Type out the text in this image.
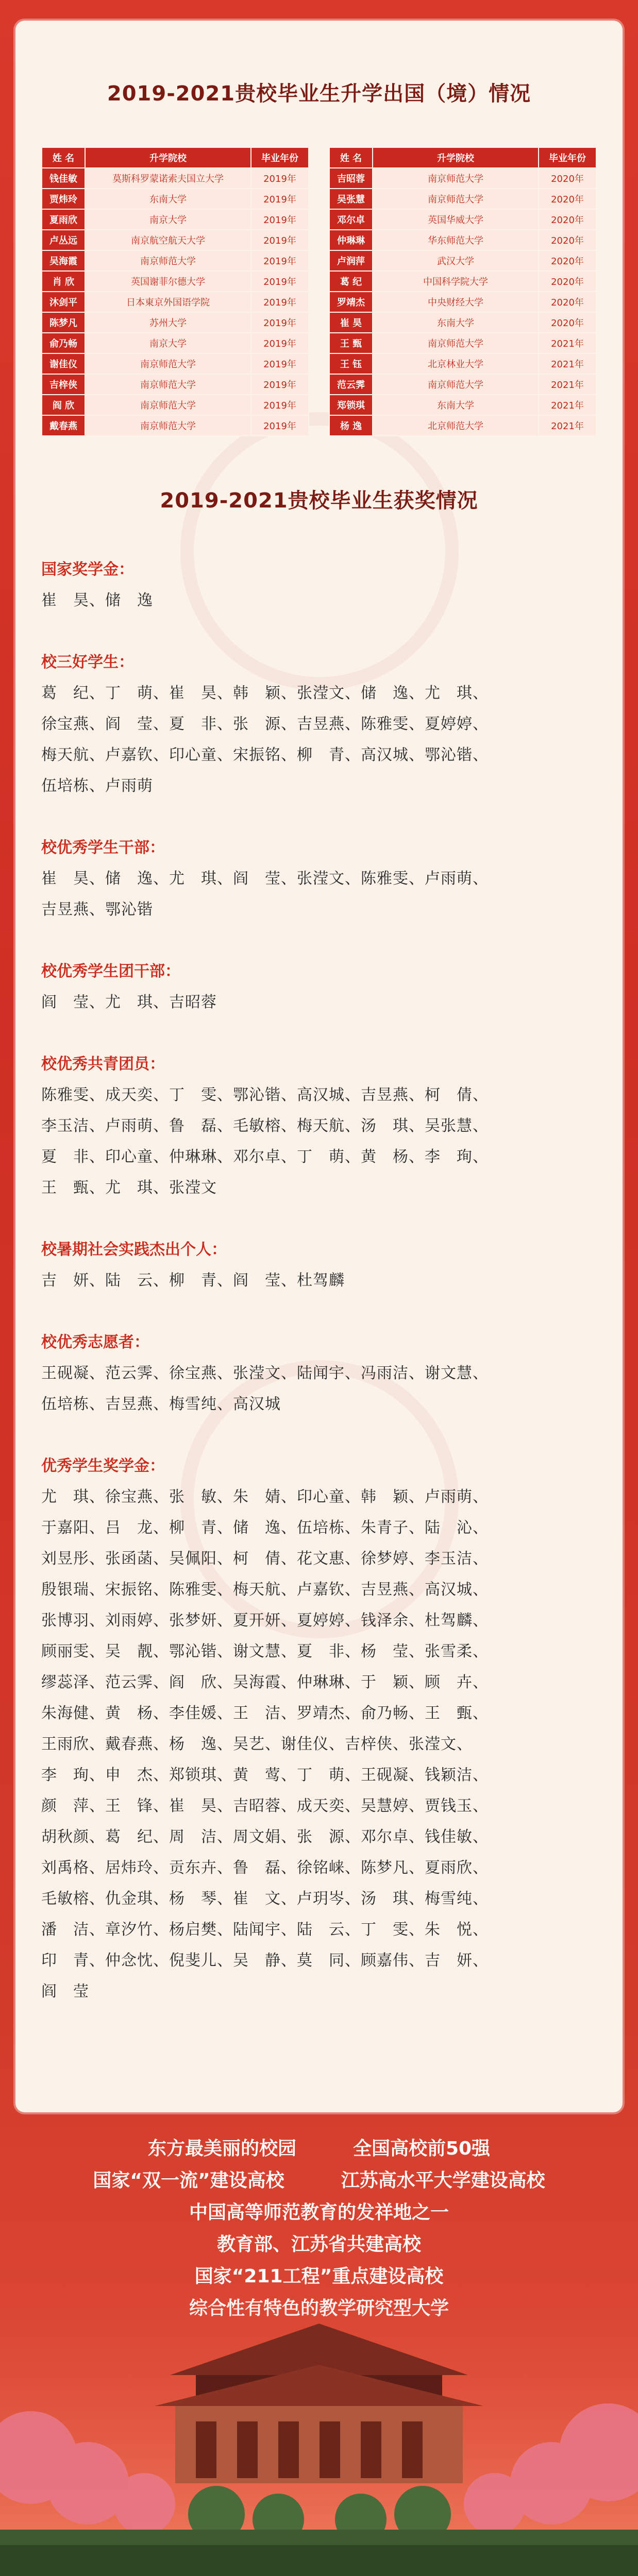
2019-2021贵校毕业生升学出国（境）情况
姓 名	升学院校	毕业年份
钱佳敏	莫斯科罗蒙诺索夫国立大学	2019年
贾炜玲	东南大学	2019年
夏雨欣	南京大学	2019年
卢丛远	南京航空航天大学	2019年
吴海霞	南京师范大学	2019年
肖 欣	英国谢菲尔德大学	2019年
沐剑平	日本東京外国语学院	2019年
陈梦凡	苏州大学	2019年
俞乃畅	南京大学	2019年
谢佳仪	南京师范大学	2019年
吉梓侠	南京师范大学	2019年
阎 欣	南京师范大学	2019年
戴春燕	南京师范大学	2019年
姓 名	升学院校	毕业年份
吉昭蓉	南京师范大学	2020年
吴张慧	南京师范大学	2020年
邓尔卓	英国华威大学	2020年
仲琳琳	华东师范大学	2020年
卢润萍	武汉大学	2020年
葛 纪	中国科学院大学	2020年
罗靖杰	中央财经大学	2020年
崔 昊	东南大学	2020年
王 甄	南京师范大学	2021年
王 钰	北京林业大学	2021年
范云霁	南京师范大学	2021年
郑锁琪	东南大学	2021年
杨 逸	北京师范大学	2021年
2019-2021贵校毕业生获奖情况
国家奖学金：
崔　昊、储　逸
校三好学生：
葛　纪、丁　萌、崔　昊、韩　颖、张滢文、储　逸、尤　琪、
徐宝燕、阎　莹、夏　非、张　源、吉昱燕、陈雅雯、夏婷婷、
梅天航、卢嘉钦、印心童、宋振铭、柳　青、高汉城、鄂沁锴、
伍培栋、卢雨萌
校优秀学生干部：
崔　昊、储　逸、尤　琪、阎　莹、张滢文、陈雅雯、卢雨萌、
吉昱燕、鄂沁锴
校优秀学生团干部：
阎　莹、尤　琪、吉昭蓉
校优秀共青团员：
陈雅雯、成天奕、丁　雯、鄂沁锴、高汉城、吉昱燕、柯　倩、
李玉洁、卢雨萌、鲁　磊、毛敏榕、梅天航、汤　琪、吴张慧、
夏　非、印心童、仲琳琳、邓尔卓、丁　萌、黄　杨、李　珣、
王　甄、尤　琪、张滢文
校暑期社会实践杰出个人：
吉　妍、陆　云、柳　青、阎　莹、杜驾麟
校优秀志愿者：
王砚凝、范云霁、徐宝燕、张滢文、陆闻宇、冯雨洁、谢文慧、
伍培栋、吉昱燕、梅雪纯、高汉城
优秀学生奖学金：
尤　琪、徐宝燕、张　敏、朱　婧、印心童、韩　颖、卢雨萌、
于嘉阳、吕　龙、柳　青、储　逸、伍培栋、朱青子、陆　沁、
刘昱彤、张函菡、吴佩阳、柯　倩、花文惠、徐梦婷、李玉洁、
殷银瑞、宋振铭、陈雅雯、梅天航、卢嘉钦、吉昱燕、高汉城、
张博羽、刘雨婷、张梦妍、夏开妍、夏婷婷、钱泽余、杜驾麟、
顾丽雯、吴　靓、鄂沁锴、谢文慧、夏　非、杨　莹、张雪柔、
缪蕊泽、范云霁、阎　欣、吴海霞、仲琳琳、于　颖、顾　卉、
朱海健、黄　杨、李佳媛、王　洁、罗靖杰、俞乃畅、王　甄、
王雨欣、戴春燕、杨　逸、吴艺、谢佳仪、吉梓侠、张滢文、
李　珣、申　杰、郑锁琪、黄　莺、丁　萌、王砚凝、钱颖洁、
颜　萍、王　锋、崔　昊、吉昭蓉、成天奕、吴慧婷、贾钱玉、
胡秋颜、葛　纪、周　洁、周文娟、张　源、邓尔卓、钱佳敏、
刘禹格、居炜玲、贡东卉、鲁　磊、徐铭崃、陈梦凡、夏雨欣、
毛敏榕、仇金琪、杨　琴、崔　文、卢玥岑、汤　琪、梅雪纯、
潘　洁、章汐竹、杨启樊、陆闻宇、陆　云、丁　雯、朱　悦、
印　青、仲念忱、倪斐儿、吴　静、莫　同、顾嘉伟、吉　妍、
阎　莹
东方最美丽的校园	全国高校前50强
国家“双一流”建设高校	江苏高水平大学建设高校
中国高等师范教育的发祥地之一
教育部、江苏省共建高校
国家“211工程”重点建设高校
